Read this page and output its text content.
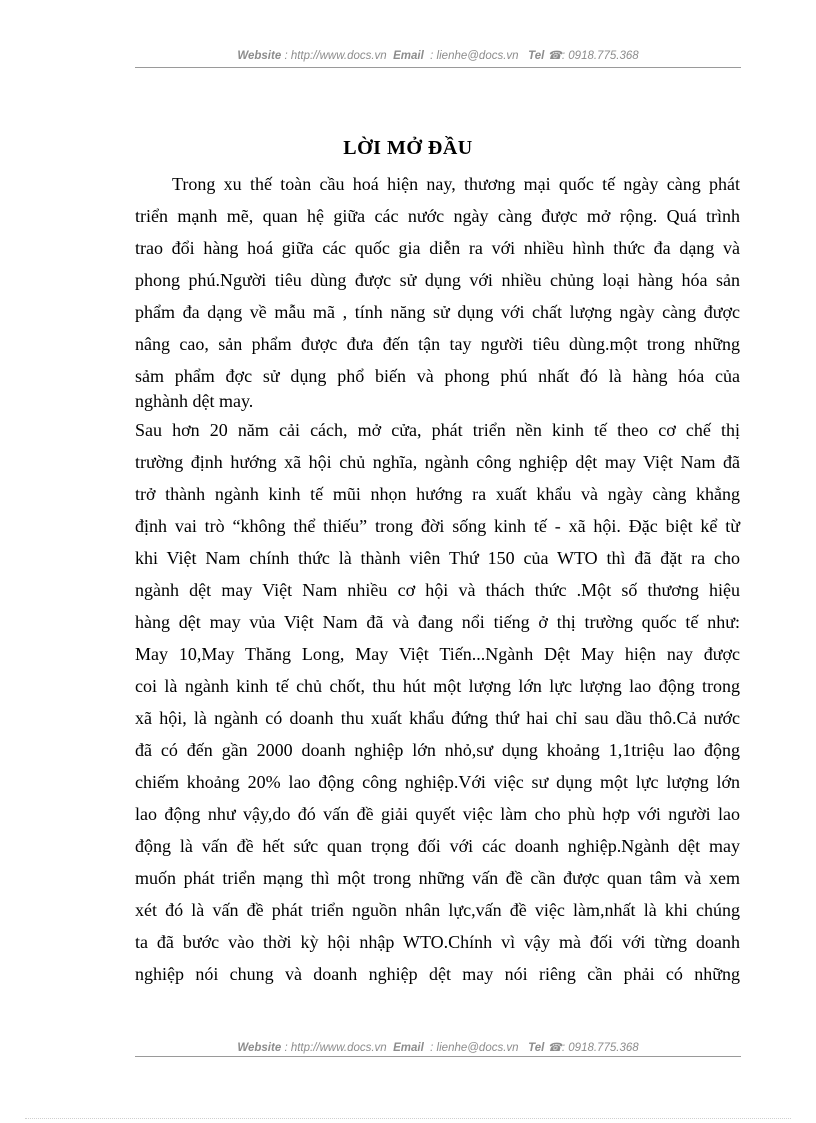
Website : http://www.docs.vn Email : lienhe@docs.vn Tel ☎: 0918.775.368
LỜI MỞ ĐẦU
Trong xu thế toàn cầu hoá hiện nay, thương mại quốc tế ngày càng phát
triển mạnh mẽ, quan hệ giữa các nước ngày càng được mở rộng. Quá trình
trao đổi hàng hoá giữa các quốc gia diễn ra với nhiều hình thức đa dạng và
phong phú.Người tiêu dùng được sử dụng với nhiều chủng loại hàng hóa sản
phẩm đa dạng về mẫu mã , tính năng sử dụng với chất lượng ngày càng được
nâng cao, sản phẩm được đưa đến tận tay người tiêu dùng.một trong những
sảm phẩm đợc sử dụng phổ biến và phong phú nhất đó là hàng hóa của
nghành dệt may.
Sau hơn 20 năm cải cách, mở cửa, phát triển nền kinh tế theo cơ chế thị
trường định hướng xã hội chủ nghĩa, ngành công nghiệp dệt may Việt Nam đã
trở thành ngành kinh tế mũi nhọn hướng ra xuất khẩu và ngày càng khẳng
định vai trò “không thể thiếu” trong đời sống kinh tế - xã hội. Đặc biệt kể từ
khi Việt Nam chính thức là thành viên Thứ 150 của WTO thì đã đặt ra cho
ngành dệt may Việt Nam nhiều cơ hội và thách thức .Một số thương hiệu
hàng dệt may vủa Việt Nam đã và đang nổi tiếng ở thị trường quốc tế như:
May 10,May Thăng Long, May Việt Tiến...Ngành Dệt May hiện nay được
coi là ngành kinh tế chủ chốt, thu hút một lượng lớn lực lượng lao động trong
xã hội, là ngành có doanh thu xuất khẩu đứng thứ hai chỉ sau dầu thô.Cả nước
đã có đến gần 2000 doanh nghiệp lớn nhỏ,sư dụng khoảng 1,1triệu lao động
chiếm khoảng 20% lao động công nghiệp.Với việc sư dụng một lực lượng lớn
lao động như vậy,do đó vấn đề giải quyết việc làm cho phù hợp với người lao
động là vấn đề hết sức quan trọng đối với các doanh nghiệp.Ngành dệt may
muốn phát triển mạng thì một trong những vấn đề cần được quan tâm và xem
xét đó là vấn đề phát triển nguồn nhân lực,vấn đề việc làm,nhất là khi chúng
ta đã bước vào thời kỳ hội nhập WTO.Chính vì vậy mà đối với từng doanh
nghiệp nói chung và doanh nghiệp dệt may nói riêng cần phải có những
Website : http://www.docs.vn Email : lienhe@docs.vn Tel ☎: 0918.775.368
